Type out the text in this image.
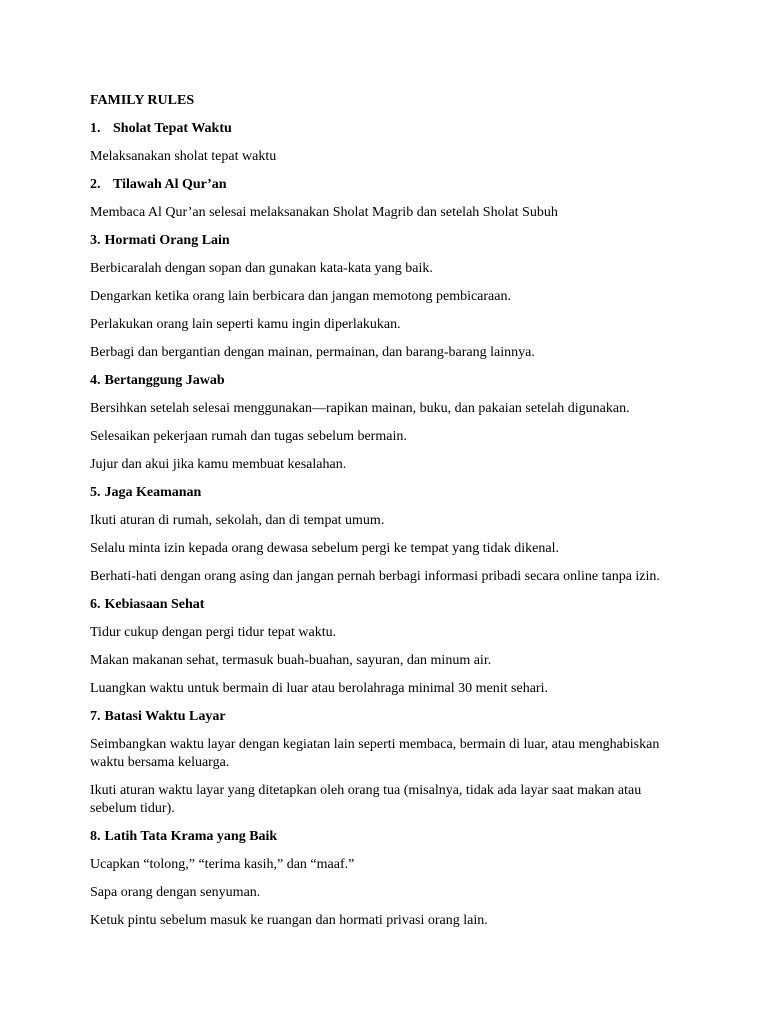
FAMILY RULES
1. Sholat Tepat Waktu
Melaksanakan sholat tepat waktu
2. Tilawah Al Qur’an
Membaca Al Qur’an selesai melaksanakan Sholat Magrib dan setelah Sholat Subuh
3. Hormati Orang Lain
Berbicaralah dengan sopan dan gunakan kata-kata yang baik.
Dengarkan ketika orang lain berbicara dan jangan memotong pembicaraan.
Perlakukan orang lain seperti kamu ingin diperlakukan.
Berbagi dan bergantian dengan mainan, permainan, dan barang-barang lainnya.
4. Bertanggung Jawab
Bersihkan setelah selesai menggunakan—rapikan mainan, buku, dan pakaian setelah digunakan.
Selesaikan pekerjaan rumah dan tugas sebelum bermain.
Jujur dan akui jika kamu membuat kesalahan.
5. Jaga Keamanan
Ikuti aturan di rumah, sekolah, dan di tempat umum.
Selalu minta izin kepada orang dewasa sebelum pergi ke tempat yang tidak dikenal.
Berhati-hati dengan orang asing dan jangan pernah berbagi informasi pribadi secara online tanpa izin.
6. Kebiasaan Sehat
Tidur cukup dengan pergi tidur tepat waktu.
Makan makanan sehat, termasuk buah-buahan, sayuran, dan minum air.
Luangkan waktu untuk bermain di luar atau berolahraga minimal 30 menit sehari.
7. Batasi Waktu Layar
Seimbangkan waktu layar dengan kegiatan lain seperti membaca, bermain di luar, atau menghabiskan waktu bersama keluarga.
Ikuti aturan waktu layar yang ditetapkan oleh orang tua (misalnya, tidak ada layar saat makan atau sebelum tidur).
8. Latih Tata Krama yang Baik
Ucapkan “tolong,” “terima kasih,” dan “maaf.”
Sapa orang dengan senyuman.
Ketuk pintu sebelum masuk ke ruangan dan hormati privasi orang lain.
